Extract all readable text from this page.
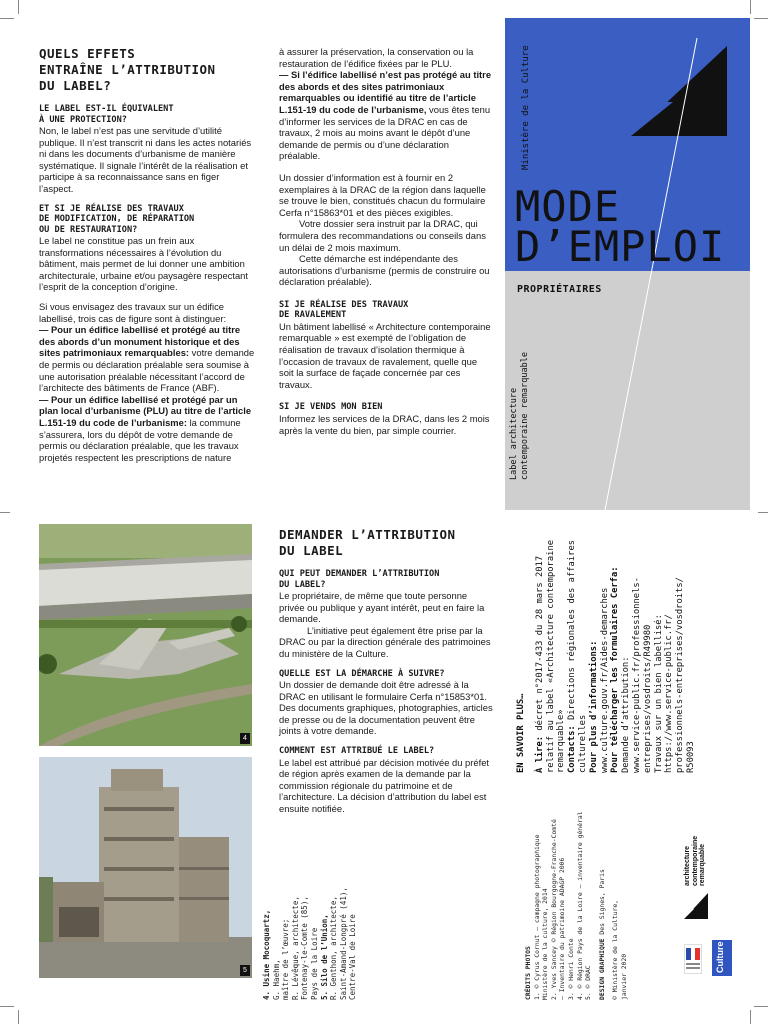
QUELS EFFETS
ENTRAÎNE L’ATTRIBUTION
DU LABEL?
LE LABEL EST-IL ÉQUIVALENT
À UNE PROTECTION?

Non, le label n’est pas une servitude d’utilité publique. Il n’est transcrit ni dans les actes notariés ni dans les documents d’urbanisme de manière systématique. Il signale l’intérêt de la réalisation et participe à sa reconnaissance sans en figer l’aspect.

ET SI JE RÉALISE DES TRAVAUX
DE MODIFICATION, DE RÉPARATION
OU DE RESTAURATION?

Le label ne constitue pas un frein aux transformations nécessaires à l’évolution du bâtiment, mais permet de lui donner une ambition architecturale, urbaine et/ou paysagère respectant l’esprit de la conception d’origine.

Si vous envisagez des travaux sur un édifice labellisé, trois cas de figure sont à distinguer:

— Pour un édifice labellisé et protégé au titre des abords d’un monument historique et des sites patrimoniaux remarquables: votre demande de permis ou déclaration préalable sera soumise à une autorisation préalable nécessitant l’accord de l’architecte des bâtiments de France (ABF).

— Pour un édifice labellisé et protégé par un plan local d’urbanisme (PLU) au titre de l’article L.151-19 du code de l’urbanisme: la commune s’assurera, lors du dépôt de votre demande de permis ou déclaration préalable, que les travaux projetés respectent les prescriptions de nature

à assurer la préservation, la conservation ou la restauration de l’édifice fixées par le PLU.

— Si l’édifice labellisé n’est pas protégé au titre des abords et des sites patrimoniaux remarquables ou identifié au titre de l’article L.151-19 du code de l’urbanisme, vous êtes tenu d’informer les services de la DRAC en cas de travaux, 2 mois au moins avant le dépôt d’une demande de permis ou d’une déclaration préalable.

Un dossier d’information est à fournir en 2 exemplaires à la DRAC de la région dans laquelle se trouve le bien, constitués chacun du formulaire Cerfa n°15863*01 et des pièces exigibles.

Votre dossier sera instruit par la DRAC, qui formulera des recommandations ou conseils dans un délai de 2 mois maximum.

Cette démarche est indépendante des autorisations d’urbanisme (permis de construire ou déclaration préalable).

SI JE RÉALISE DES TRAVAUX
DE RAVALEMENT

Un bâtiment labellisé « Architecture contemporaine remarquable » est exempté de l’obligation de réalisation de travaux d’isolation thermique à l’occasion de travaux de ravalement, quelle que soit la surface de façade concernée par ces travaux.

SI JE VENDS MON BIEN

Informez les services de la DRAC, dans les 2 mois après la vente du bien, par simple courrier.

Ministère de la Culture
MODE
D’EMPLOI
PROPRIÉTAIRES
Label architecture contemporaine remarquable
4
5	4. Usine Mocoquartz, G. Haehm, maître de l’œuvre; R. Lévêque, architecte, Fontenay-le-Comte (85), Pays de la Loire 5. Silo de l’Union, R. Genthon, architecte, Saint-Amand-Longpré (41), Centre-Val de Loire
DEMANDER L’ATTRIBUTION
DU LABEL
QUI PEUT DEMANDER L’ATTRIBUTION
DU LABEL?

Le propriétaire, de même que toute personne privée ou publique y ayant intérêt, peut en faire la demande.

L’initiative peut également être prise par la DRAC ou par la direction générale des patrimoines du ministère de la Culture.

QUELLE EST LA DÉMARCHE À SUIVRE?

Un dossier de demande doit être adressé à la DRAC en utilisant le formulaire Cerfa n°15853*01. Des documents graphiques, photographies, articles de presse ou de la documentation peuvent être joints à votre demande.

COMMENT EST ATTRIBUÉ LE LABEL?

Le label est attribué par décision motivée du préfet de région après examen de la demande par la commission régionale du patrimoine et de l’architecture. La décision d’attribution du label est ensuite notifiée.

EN SAVOIR PLUS… À lire: décret n°2017-433 du 28 mars 2017 relatif au label «Architecture contemporaine remarquable» Contacts: Directions régionales des affaires culturelles Pour plus d’informations: www.culture.gouv.fr/Aides-demarches Pour télécharger les formulaires Cerfa: Demande d’attribution: www.service-public.fr/professionnels- entreprises/vosdroits/R49980 Travaux sur un bien labellisé: https://www.service-public.fr/ professionnels-entreprises/vosdroits/ R50093
CRÉDITS PHOTOS 1. © Cyrus Cornut – campagne photographique Ministère de la culture, 2014 2. Yves Sancey © Région Bourgogne-Franche-Comté – Inventaire du patrimoine ADAGP 2006 3. © Henri Conte 4. © Région Pays de la Loire – inventaire général 5. © DRAC DESIGN GRAPHIQUE Des Signes, Paris © Ministère de la Culture, janvier 2020
architecture contemporaine remarquable
Culture
